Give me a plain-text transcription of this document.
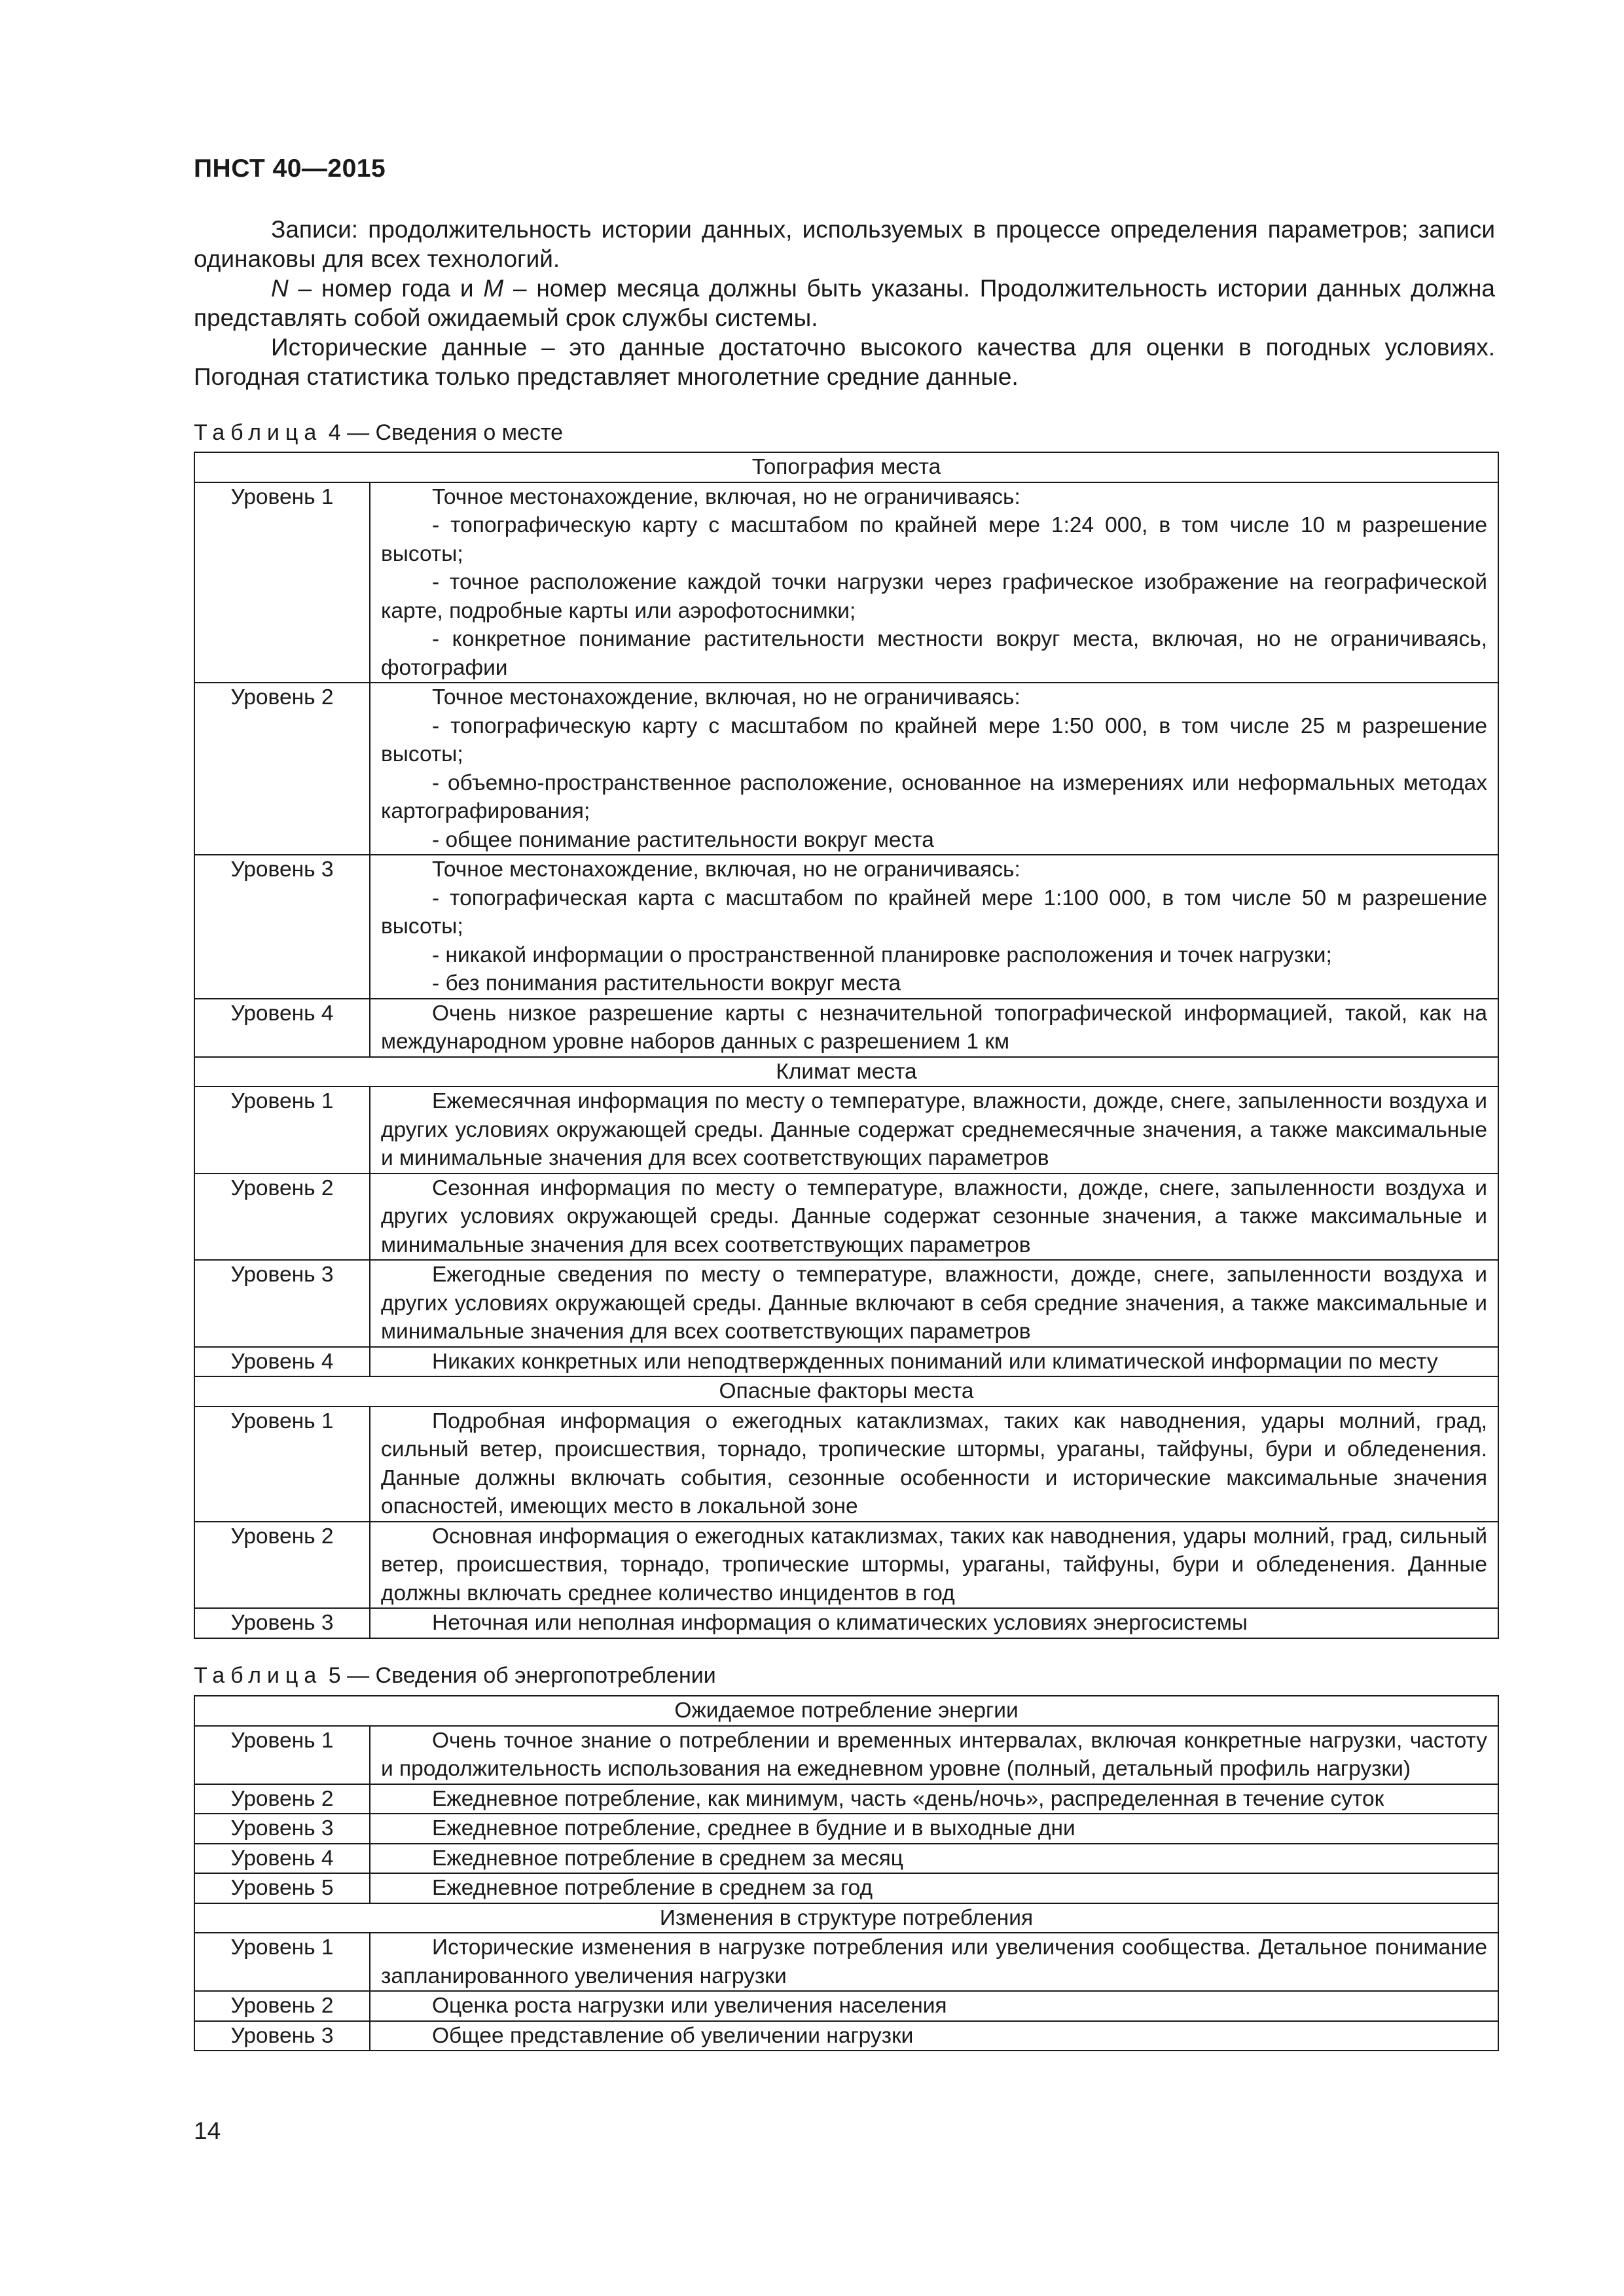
ПНСТ 40—2015

Записи: продолжительность истории данных, используемых в процессе определения параметров; записи одинаковы для всех технологий.

N – номер года и M – номер месяца должны быть указаны. Продолжительность истории данных должна представлять собой ожидаемый срок службы системы.

Исторические данные – это данные достаточно высокого качества для оценки в погодных условиях. Погодная статистика только представляет многолетние средние данные.

Таблица 4 — Сведения о месте
Топография места	
Уровень 1	Точное местонахождение, включая, но не ограничиваясь:
- топографическую карту с масштабом по крайней мере 1:24 000, в том числе 10 м разрешение высоты;
- точное расположение каждой точки нагрузки через графическое изображение на географической карте, подробные карты или аэрофотоснимки;
- конкретное понимание растительности местности вокруг места, включая, но не ограничиваясь, фотографии

Уровень 2	Точное местонахождение, включая, но не ограничиваясь:
- топографическую карту с масштабом по крайней мере 1:50 000, в том числе 25 м разрешение высоты;
- объемно-пространственное расположение, основанное на измерениях или неформальных методах картографирования;
- общее понимание растительности вокруг места

Уровень 3	Точное местонахождение, включая, но не ограничиваясь:
- топографическая карта с масштабом по крайней мере 1:100 000, в том числе 50 м разрешение высоты;
- никакой информации о пространственной планировке расположения и точек нагрузки;
- без понимания растительности вокруг места

Уровень 4	Очень низкое разрешение карты с незначительной топографической информацией, такой, как на международном уровне наборов данных с разрешением 1 км

Климат места	
Уровень 1	Ежемесячная информация по месту о температуре, влажности, дожде, снеге, запыленности воздуха и других условиях окружающей среды. Данные содержат среднемесячные значения, а также максимальные и минимальные значения для всех соответствующих параметров

Уровень 2	Сезонная информация по месту о температуре, влажности, дожде, снеге, запыленности воздуха и других условиях окружающей среды. Данные содержат сезонные значения, а также максимальные и минимальные значения для всех соответствующих параметров

Уровень 3	Ежегодные сведения по месту о температуре, влажности, дожде, снеге, запыленности воздуха и других условиях окружающей среды. Данные включают в себя средние значения, а также максимальные и минимальные значения для всех соответствующих параметров

Уровень 4	Никаких конкретных или неподтвержденных пониманий или климатической информации по месту

Опасные факторы места	
Уровень 1	Подробная информация о ежегодных катаклизмах, таких как наводнения, удары молний, град, сильный ветер, происшествия, торнадо, тропические штормы, ураганы, тайфуны, бури и обледенения. Данные должны включать события, сезонные особенности и исторические максимальные значения опасностей, имеющих место в локальной зоне

Уровень 2	Основная информация о ежегодных катаклизмах, таких как наводнения, удары молний, град, сильный ветер, происшествия, торнадо, тропические штормы, ураганы, тайфуны, бури и обледенения. Данные должны включать среднее количество инцидентов в год

Уровень 3	Неточная или неполная информация о климатических условиях энергосистемы
Таблица 5 — Сведения об энергопотреблении
Ожидаемое потребление энергии	
Уровень 1	Очень точное знание о потреблении и временных интервалах, включая конкретные нагрузки, частоту и продолжительность использования на ежедневном уровне (полный, детальный профиль нагрузки)

Уровень 2	Ежедневное потребление, как минимум, часть «день/ночь», распределенная в течение суток

Уровень 3	Ежедневное потребление, среднее в будние и в выходные дни

Уровень 4	Ежедневное потребление в среднем за месяц

Уровень 5	Ежедневное потребление в среднем за год

Изменения в структуре потребления	
Уровень 1	Исторические изменения в нагрузке потребления или увеличения сообщества. Детальное понимание запланированного увеличения нагрузки

Уровень 2	Оценка роста нагрузки или увеличения населения

Уровень 3	Общее представление об увеличении нагрузки
14
